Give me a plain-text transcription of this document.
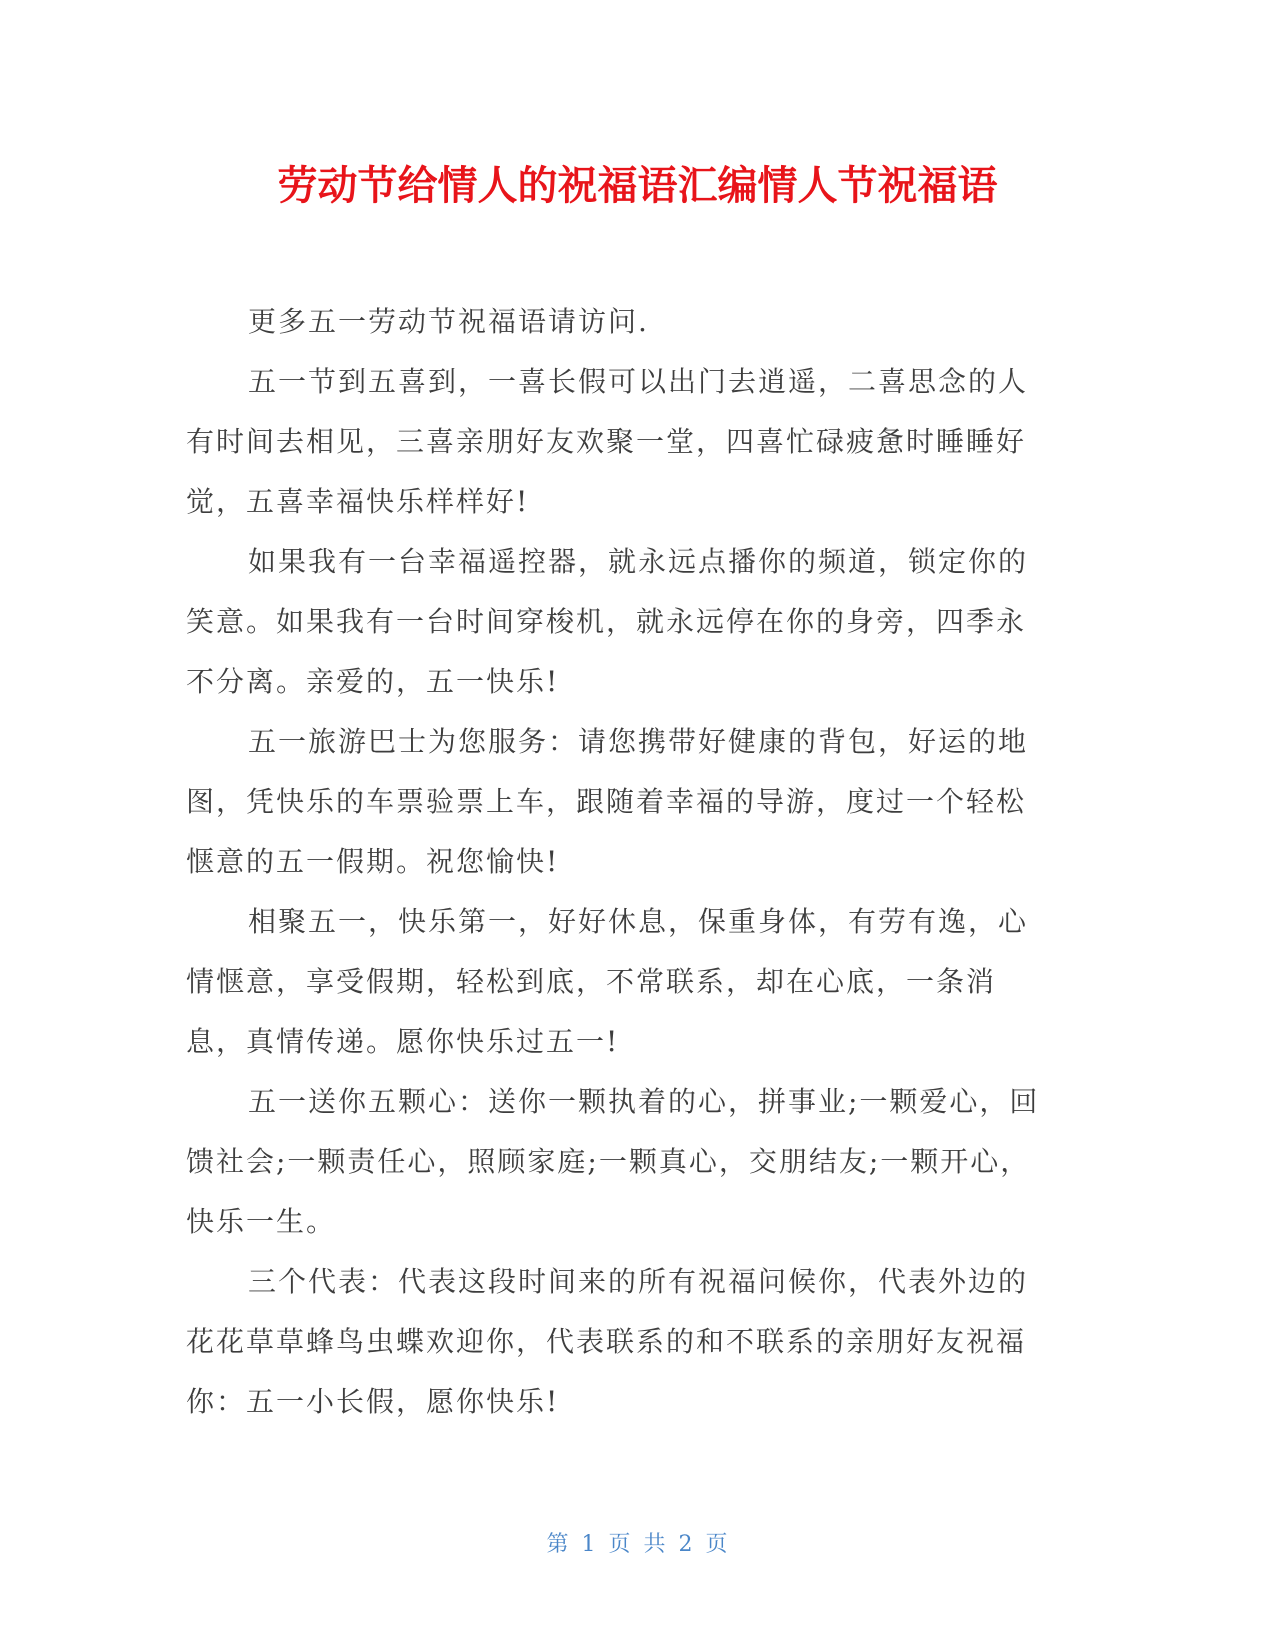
劳动节给情人的祝福语汇编情人节祝福语

更多五一劳动节祝福语请访问.

五一节到五喜到，一喜长假可以出门去逍遥，二喜思念的人有时间去相见，三喜亲朋好友欢聚一堂，四喜忙碌疲惫时睡睡好觉，五喜幸福快乐样样好!

如果我有一台幸福遥控器，就永远点播你的频道，锁定你的笑意。如果我有一台时间穿梭机，就永远停在你的身旁，四季永不分离。亲爱的，五一快乐!

五一旅游巴士为您服务：请您携带好健康的背包，好运的地图，凭快乐的车票验票上车，跟随着幸福的导游，度过一个轻松惬意的五一假期。祝您愉快!

相聚五一，快乐第一，好好休息，保重身体，有劳有逸，心情惬意，享受假期，轻松到底，不常联系，却在心底，一条消息，真情传递。愿你快乐过五一!

五一送你五颗心：送你一颗执着的心，拼事业;一颗爱心，回馈社会;一颗责任心，照顾家庭;一颗真心，交朋结友;一颗开心，快乐一生。

三个代表：代表这段时间来的所有祝福问候你，代表外边的花花草草蜂鸟虫蝶欢迎你，代表联系的和不联系的亲朋好友祝福你：五一小长假，愿你快乐!

第 1 页 共 2 页
